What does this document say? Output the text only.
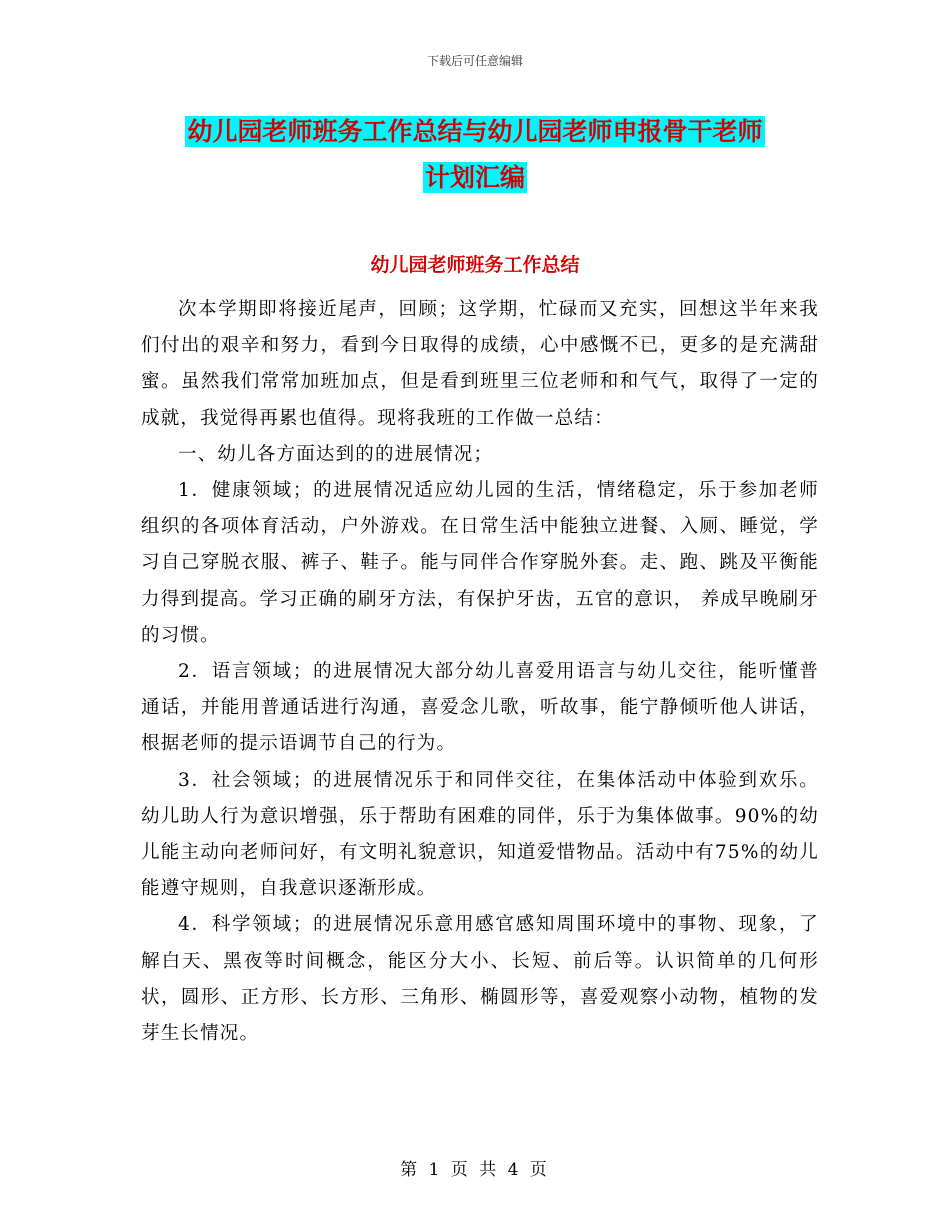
下载后可任意编辑
幼儿园老师班务工作总结与幼儿园老师申报骨干老师
计划汇编
幼儿园老师班务工作总结

次本学期即将接近尾声，回顾；这学期，忙碌而又充实，回想这半年来我们付出的艰辛和努力，看到今日取得的成绩，心中感慨不已，更多的是充满甜蜜。虽然我们常常加班加点，但是看到班里三位老师和和气气，取得了一定的成就，我觉得再累也值得。现将我班的工作做一总结：

一、幼儿各方面达到的的进展情况；

1．健康领域；的进展情况适应幼儿园的生活，情绪稳定，乐于参加老师组织的各项体育活动，户外游戏。在日常生活中能独立进餐、入厕、睡觉，学习自己穿脱衣服、裤子、鞋子。能与同伴合作穿脱外套。走、跑、跳及平衡能力得到提高。学习正确的刷牙方法，有保护牙齿，五官的意识， 养成早晚刷牙的习惯。

2．语言领域；的进展情况大部分幼儿喜爱用语言与幼儿交往，能听懂普通话，并能用普通话进行沟通，喜爱念儿歌，听故事，能宁静倾听他人讲话，根据老师的提示语调节自己的行为。

3．社会领域；的进展情况乐于和同伴交往，在集体活动中体验到欢乐。幼儿助人行为意识增强，乐于帮助有困难的同伴，乐于为集体做事。90%的幼儿能主动向老师问好，有文明礼貌意识，知道爱惜物品。活动中有75%的幼儿能遵守规则，自我意识逐渐形成。

4．科学领域；的进展情况乐意用感官感知周围环境中的事物、现象，了解白天、黑夜等时间概念，能区分大小、长短、前后等。认识简单的几何形状，圆形、正方形、长方形、三角形、椭圆形等，喜爱观察小动物，植物的发芽生长情况。

第 1 页 共 4 页
